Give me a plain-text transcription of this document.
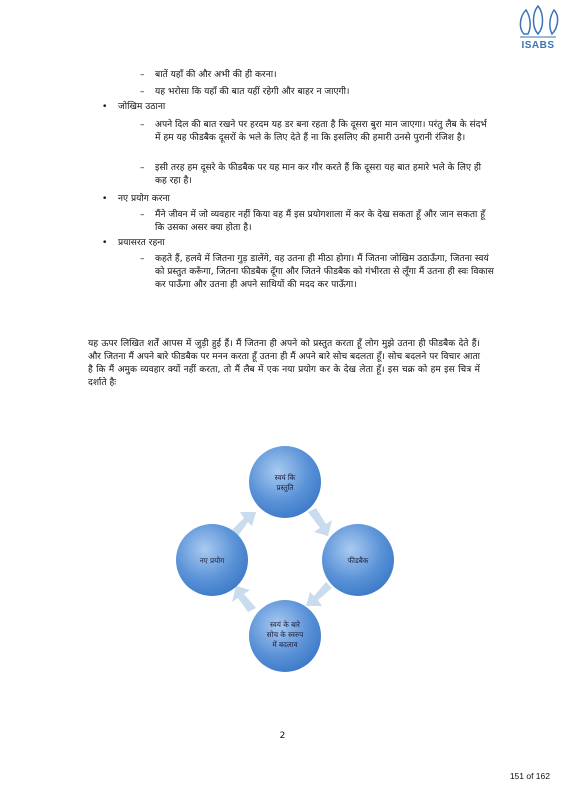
ISABS
– बातें यहाँ की और अभी की ही करना।
– यह भरोसा कि यहाँ की बात यहीं रहेगी और बाहर न जाएगी।
• जोखिम उठाना
– अपने दिल की बात रखने पर हरदम यह डर बना रहता है कि दूसरा बुरा मान जाएगा। परंतु लैब के संदर्भ में हम यह फीडबैक दूसरों के भले के लिए देते हैं ना कि इसलिए की हमारी उनसे पुरानी रंजिश है।
– इसी तरह हम दूसरे के फीडबैक पर यह मान कर गौर करते हैं कि दूसरा यह बात हमारे भले के लिए ही कह रहा है।
• नए प्रयोग करना
– मैंने जीवन में जो व्यवहार नहीं किया वह मैं इस प्रयोगशाला में कर के देख सकता हूँ और जान सकता हूँ कि उसका असर क्या होता है।
• प्रयासरत रहना
– कहते हैं, हलवे में जितना गुड़ डालेंगे, वह उतना ही मीठा होगा। मैं जितना जोखिम उठाऊँगा, जितना स्वयं को प्रस्तुत करूँगा, जितना फीडबैक दूँगा और जितने फीडबैक को गंभीरता से लूँगा मैं उतना ही स्वः विकास कर पाऊँगा और उतना ही अपने साथियों की मदद कर पाऊँगा।
यह ऊपर लिखित शर्तें आपस में जुड़ी हुई हैं। मैं जितना ही अपने को प्रस्तुत करता हूँ लोग मुझे उतना ही फीडबैक देते हैं। और जितना मैं अपने बारे फीडबैक पर मनन करता हूँ उतना ही मैं अपने बारे सोच बदलता हूँ। सोच बदलने पर विचार आता है कि मैं अमुक व्यवहार क्यों नहीं करता, तो मैं लैब में एक नया प्रयोग कर के देख लेता हूँ। इस चक्र को हम इस चित्र में दर्शाते हैः
स्वयं कि
प्रस्तुति
फीडबैक
स्वयं के बारे
सोच के स्वरुप
में बदलाव
नए प्रयोग
2
151 of 162
